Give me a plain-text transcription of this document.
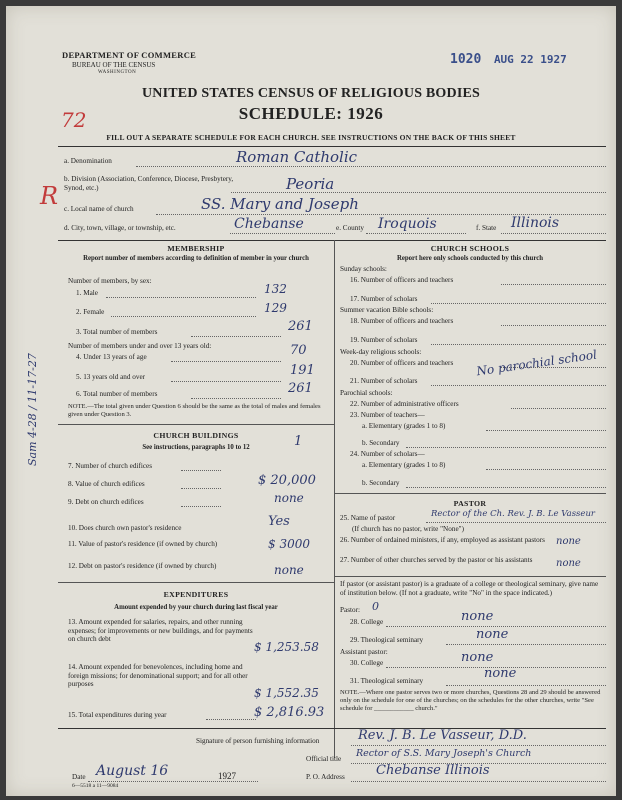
DEPARTMENT OF COMMERCE
BUREAU OF THE CENSUS
WASHINGTON
1020 AUG 22 1927
UNITED STATES CENSUS OF RELIGIOUS BODIES
SCHEDULE: 1926
72
FILL OUT A SEPARATE SCHEDULE FOR EACH CHURCH. SEE INSTRUCTIONS ON THE BACK OF THIS SHEET
a. Denomination	Roman Catholic
b. Division (Association, Conference, Diocese, Presbytery, Synod, etc.)	Peoria
c. Local name of church	SS. Mary and Joseph
R
d. City, town, village, or township, etc.	Chebanse	e. County Iroquois	f. State Illinois
Sam 4-28 / 11-17-27
MEMBERSHIP
Report number of members according to definition of member in your church
Number of members, by sex:
1. Male	132
2. Female	129
3. Total number of members	261
Number of members under and over 13 years old:
4. Under 13 years of age	70
5. 13 years old and over	191
6. Total number of members	261
NOTE.—The total given under Question 6 should be the same as the total of males and females given under Question 3.
CHURCH BUILDINGS
See instructions, paragraphs 10 to 12
7. Number of church edifices
1
8. Value of church edifices	$ 20,000
9. Debt on church edifices	none
10. Does church own pastor's residence	Yes
11. Value of pastor's residence (if owned by church)	$ 3000
12. Debt on pastor's residence (if owned by church)	none
EXPENDITURES
Amount expended by your church during last fiscal year
13. Amount expended for salaries, repairs, and other running expenses; for improvements or new buildings, and for payments on church debt
$ 1,253.58
14. Amount expended for benevolences, including home and foreign missions; for denominational support; and for all other purposes
$ 1,552.35
15. Total expenditures during year	$ 2,816.93
CHURCH SCHOOLS
Report here only schools conducted by this church
Sunday schools:
16. Number of officers and teachers
17. Number of scholars
Summer vacation Bible schools:
18. Number of officers and teachers
19. Number of scholars
Week-day religious schools:
20. Number of officers and teachers
21. Number of scholars
No parochial school
Parochial schools:
22. Number of administrative officers
23. Number of teachers—
a. Elementary (grades 1 to 8)
b. Secondary
24. Number of scholars—
a. Elementary (grades 1 to 8)
b. Secondary
PASTOR
25. Name of pastor	Rector of the Ch. Rev. J. B. Le Vasseur
(If church has no pastor, write "None")
26. Number of ordained ministers, if any, employed as assistant pastors none
27. Number of other churches served by the pastor or his assistants	none
If pastor (or assistant pastor) is a graduate of a college or theological seminary, give name of institution below. (If not a graduate, write "No" in the space indicated.)
Pastor: 0
28. College	none
29. Theological seminary	none
Assistant pastor:
30. College	none
31. Theological seminary	none
NOTE.—Where one pastor serves two or more churches, Questions 28 and 29 should be answered only on the schedule for one of the churches; on the schedules for the other churches, write "See schedule for ____________ church."
Signature of person furnishing information	Rev. J. B. Le Vasseur, D.D.
Official title Rector of S.S. Mary Joseph's Church
Date August 16	1927	P. O. Address Chebanse Illinois
6—5518 a 11—9084
